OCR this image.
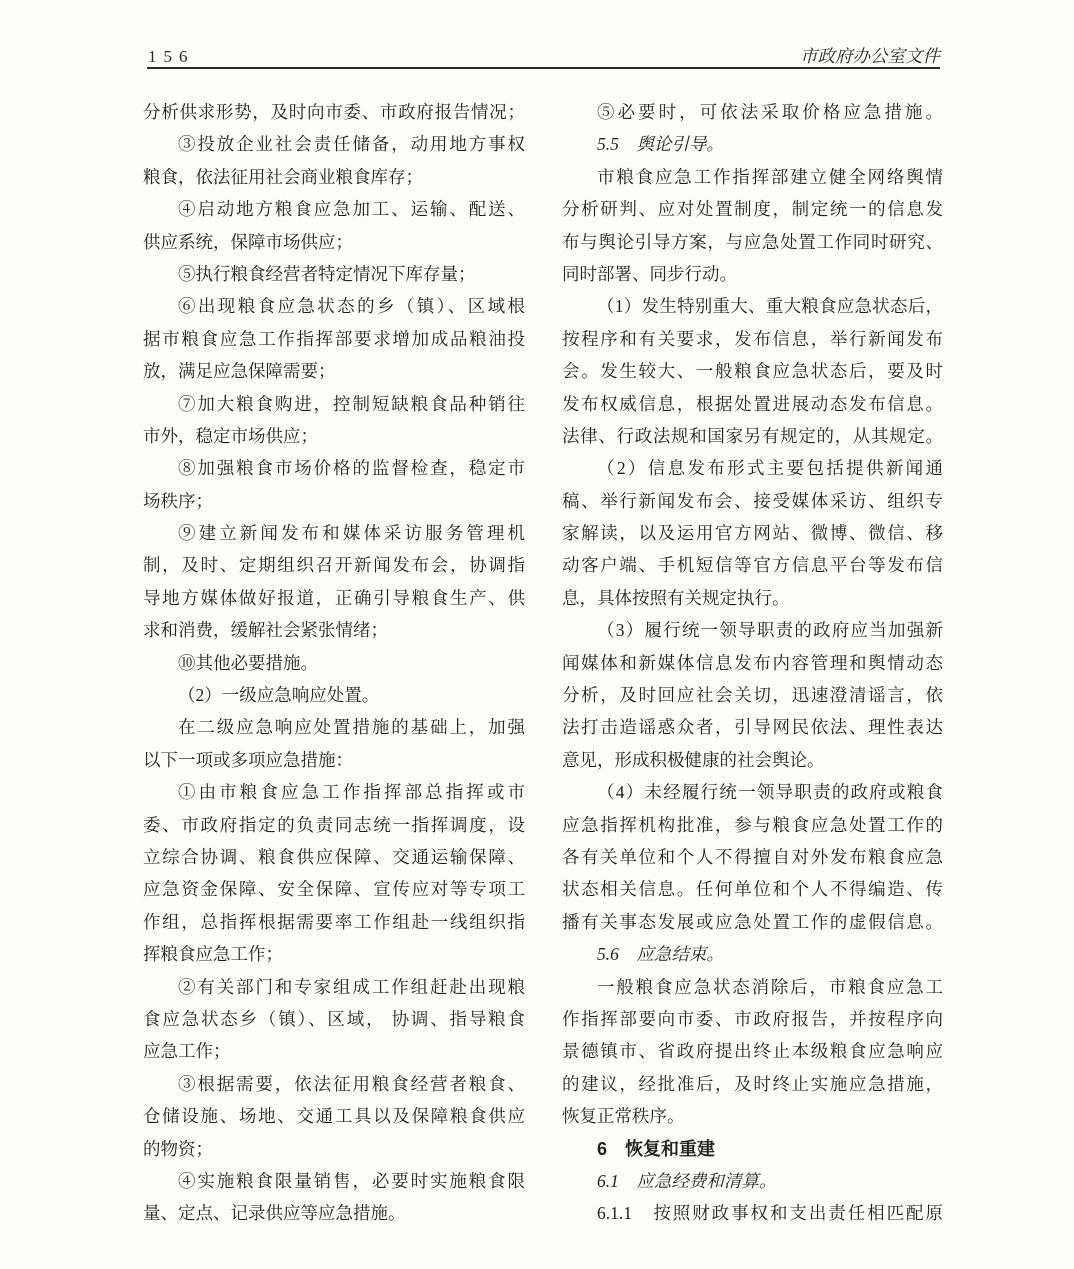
156	市政府办公室文件
分析供求形势，及时向市委、市政府报告情况；
③投放企业社会责任储备，动用地方事权
粮食，依法征用社会商业粮食库存；
④启动地方粮食应急加工、运输、配送、
供应系统，保障市场供应；
⑤执行粮食经营者特定情况下库存量；
⑥出现粮食应急状态的乡（镇）、区域根
据市粮食应急工作指挥部要求增加成品粮油投
放，满足应急保障需要；
⑦加大粮食购进，控制短缺粮食品种销往
市外，稳定市场供应；
⑧加强粮食市场价格的监督检查，稳定市
场秩序；
⑨建立新闻发布和媒体采访服务管理机
制，及时、定期组织召开新闻发布会，协调指
导地方媒体做好报道，正确引导粮食生产、供
求和消费，缓解社会紧张情绪；
⑩其他必要措施。
（2）一级应急响应处置。
在二级应急响应处置措施的基础上，加强
以下一项或多项应急措施：
①由市粮食应急工作指挥部总指挥或市
委、市政府指定的负责同志统一指挥调度，设
立综合协调、粮食供应保障、交通运输保障、
应急资金保障、安全保障、宣传应对等专项工
作组，总指挥根据需要率工作组赴一线组织指
挥粮食应急工作；
②有关部门和专家组成工作组赶赴出现粮
食应急状态乡（镇）、区域， 协调、指导粮食
应急工作；
③根据需要，依法征用粮食经营者粮食、
仓储设施、场地、交通工具以及保障粮食供应
的物资；
④实施粮食限量销售，必要时实施粮食限
量、定点、记录供应等应急措施。
⑤必要时，可依法采取价格应急措施。
5.5　舆论引导。
市粮食应急工作指挥部建立健全网络舆情
分析研判、应对处置制度，制定统一的信息发
布与舆论引导方案，与应急处置工作同时研究、
同时部署、同步行动。
（1）发生特别重大、重大粮食应急状态后，
按程序和有关要求，发布信息，举行新闻发布
会。发生较大、一般粮食应急状态后，要及时
发布权威信息，根据处置进展动态发布信息。
法律、行政法规和国家另有规定的，从其规定。
（2）信息发布形式主要包括提供新闻通
稿、举行新闻发布会、接受媒体采访、组织专
家解读，以及运用官方网站、微博、微信、移
动客户端、手机短信等官方信息平台等发布信
息，具体按照有关规定执行。
（3）履行统一领导职责的政府应当加强新
闻媒体和新媒体信息发布内容管理和舆情动态
分析，及时回应社会关切，迅速澄清谣言，依
法打击造谣惑众者，引导网民依法、理性表达
意见，形成积极健康的社会舆论。
（4）未经履行统一领导职责的政府或粮食
应急指挥机构批准，参与粮食应急处置工作的
各有关单位和个人不得擅自对外发布粮食应急
状态相关信息。任何单位和个人不得编造、传
播有关事态发展或应急处置工作的虚假信息。
5.6　应急结束。
一般粮食应急状态消除后，市粮食应急工
作指挥部要向市委、市政府报告，并按程序向
景德镇市、省政府提出终止本级粮食应急响应
的建议，经批准后，及时终止实施应急措施，
恢复正常秩序。
6　恢复和重建
6.1　应急经费和清算。
6.1.1　按照财政事权和支出责任相匹配原
